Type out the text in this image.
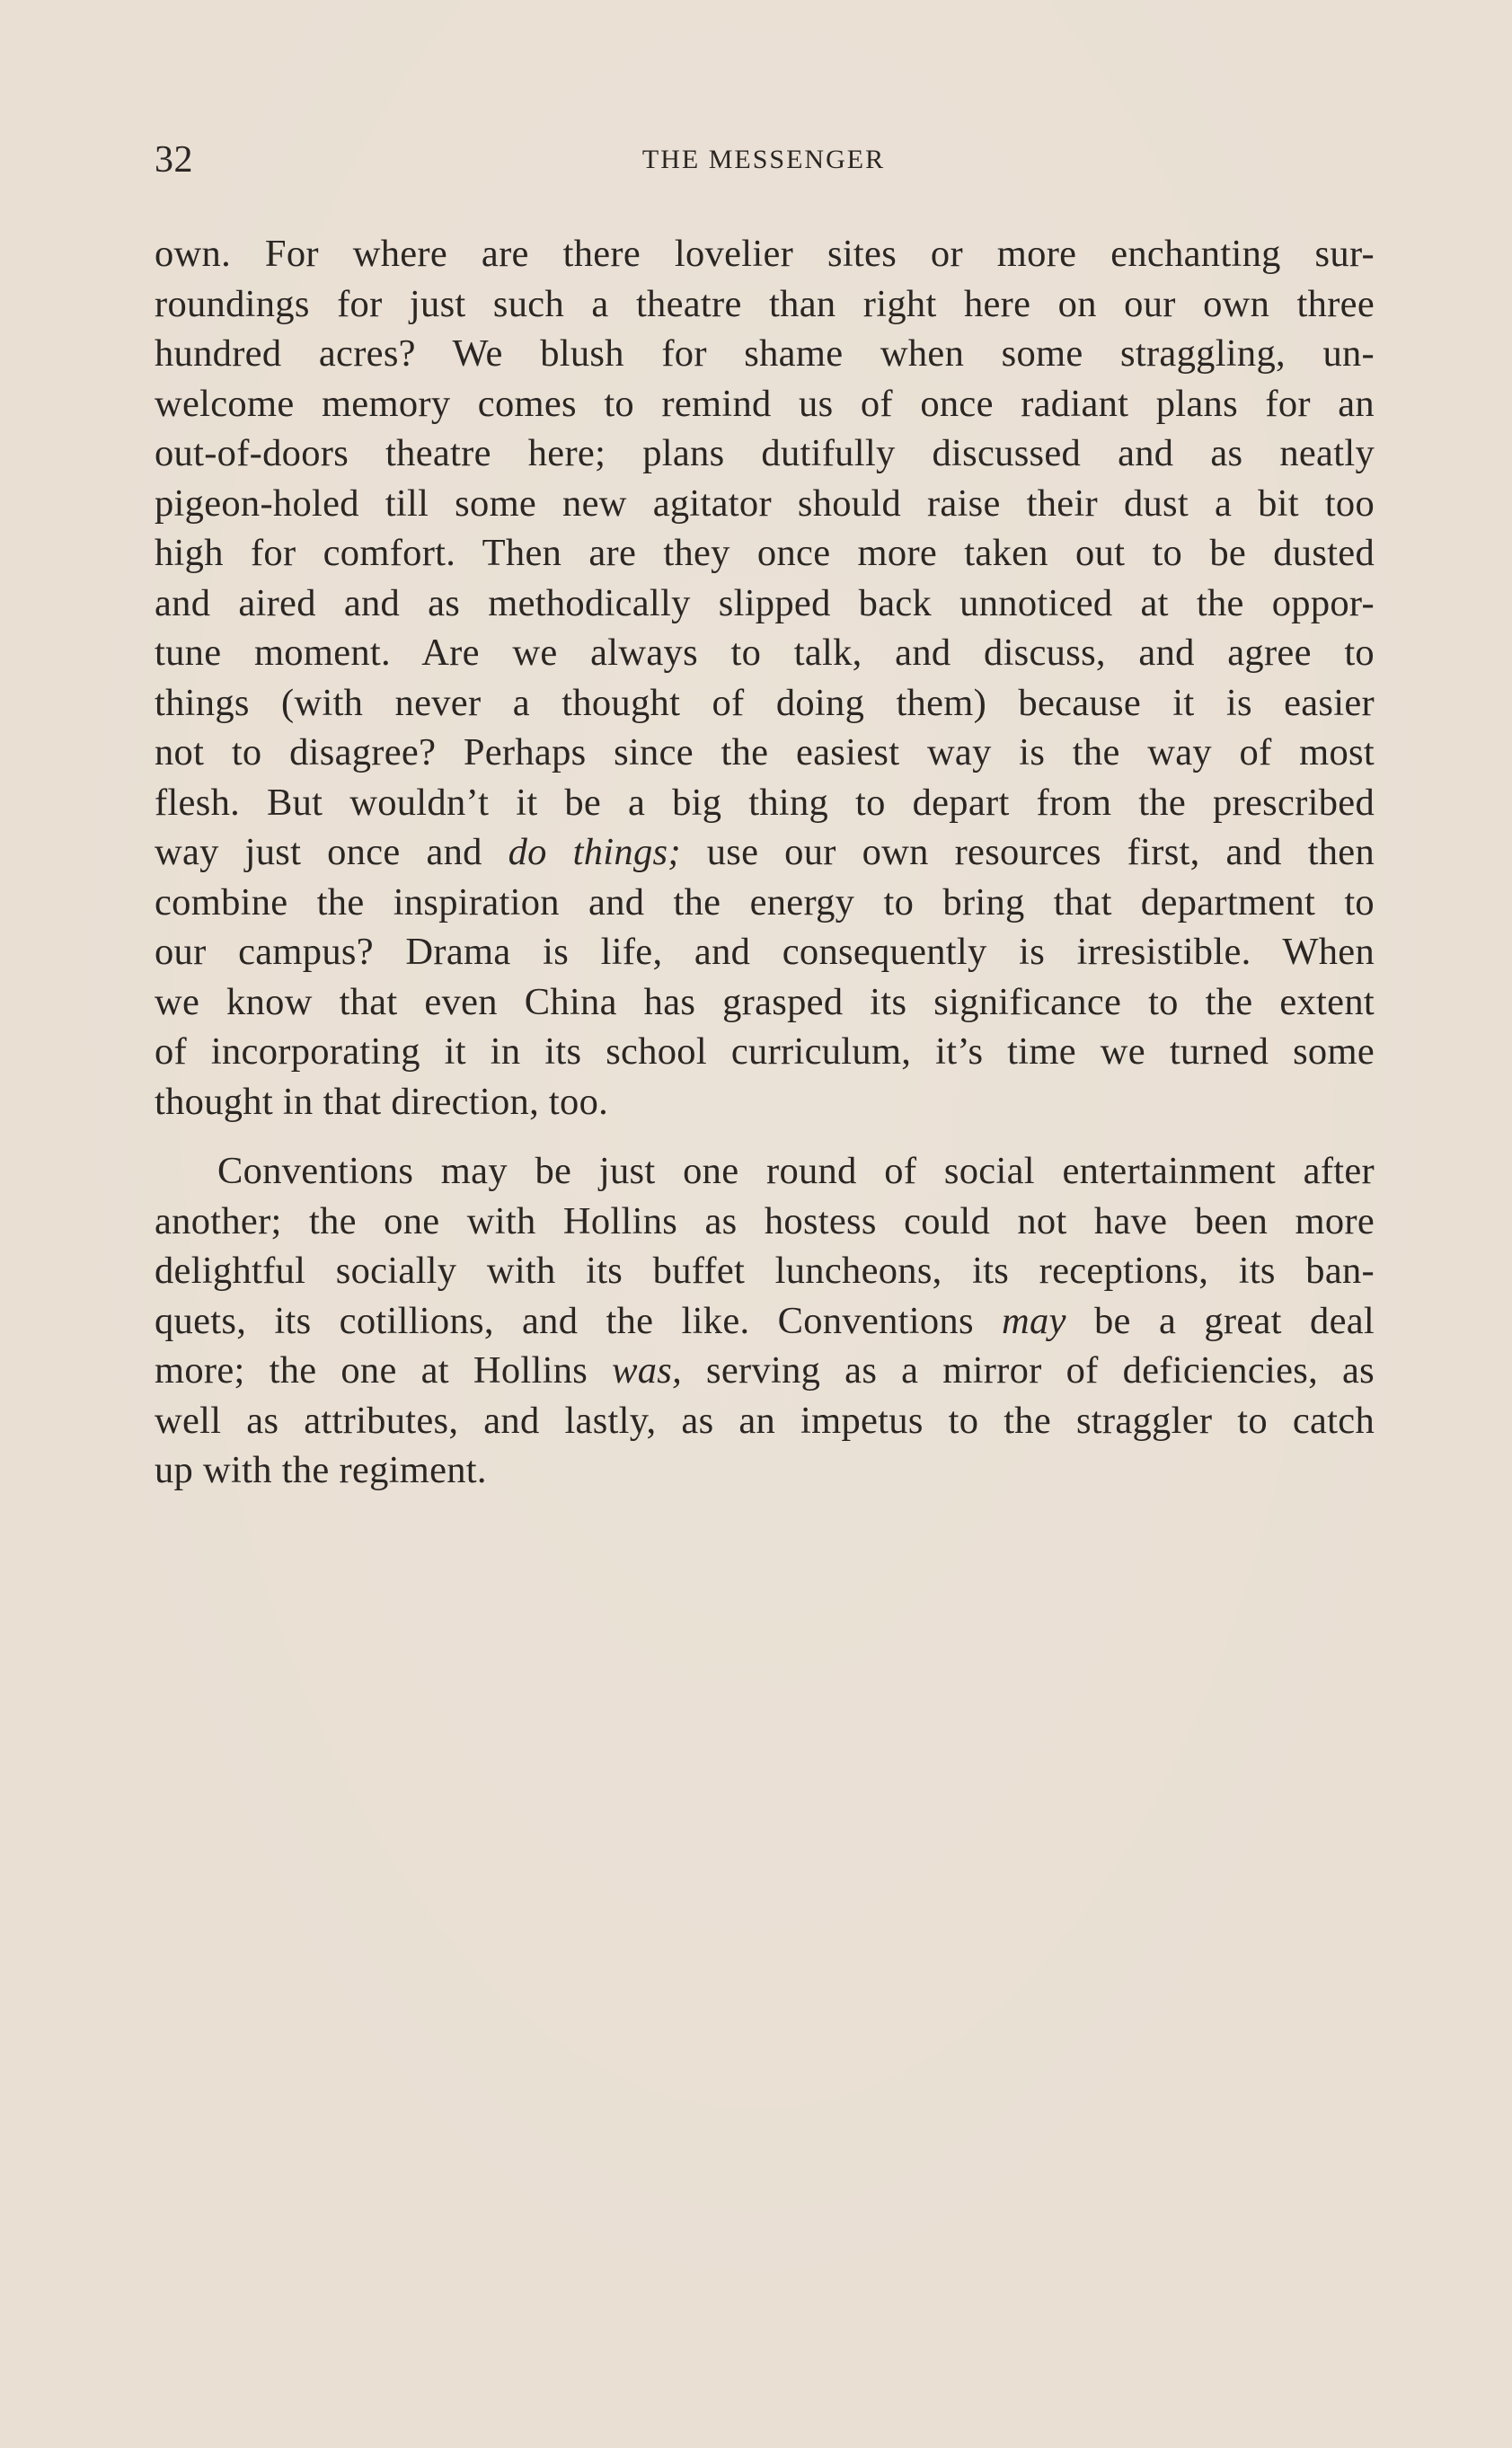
32	THE MESSENGER

own. For where are there lovelier sites or more enchanting sur-
roundings for just such a theatre than right here on our own three
hundred acres? We blush for shame when some straggling, un-
welcome memory comes to remind us of once radiant plans for an
out-of-doors theatre here; plans dutifully discussed and as neatly
pigeon-holed till some new agitator should raise their dust a bit too
high for comfort. Then are they once more taken out to be dusted
and aired and as methodically slipped back unnoticed at the oppor-
tune moment. Are we always to talk, and discuss, and agree to
things (with never a thought of doing them) because it is easier
not to disagree? Perhaps since the easiest way is the way of most
flesh. But wouldn’t it be a big thing to depart from the prescribed
way just once and do things; use our own resources first, and then
combine the inspiration and the energy to bring that department to
our campus? Drama is life, and consequently is irresistible. When
we know that even China has grasped its significance to the extent
of incorporating it in its school curriculum, it’s time we turned some
thought in that direction, too.

Conventions may be just one round of social entertainment after
another; the one with Hollins as hostess could not have been more
delightful socially with its buffet luncheons, its receptions, its ban-
quets, its cotillions, and the like. Conventions may be a great deal
more; the one at Hollins was, serving as a mirror of deficiencies, as
well as attributes, and lastly, as an impetus to the straggler to catch
up with the regiment.
